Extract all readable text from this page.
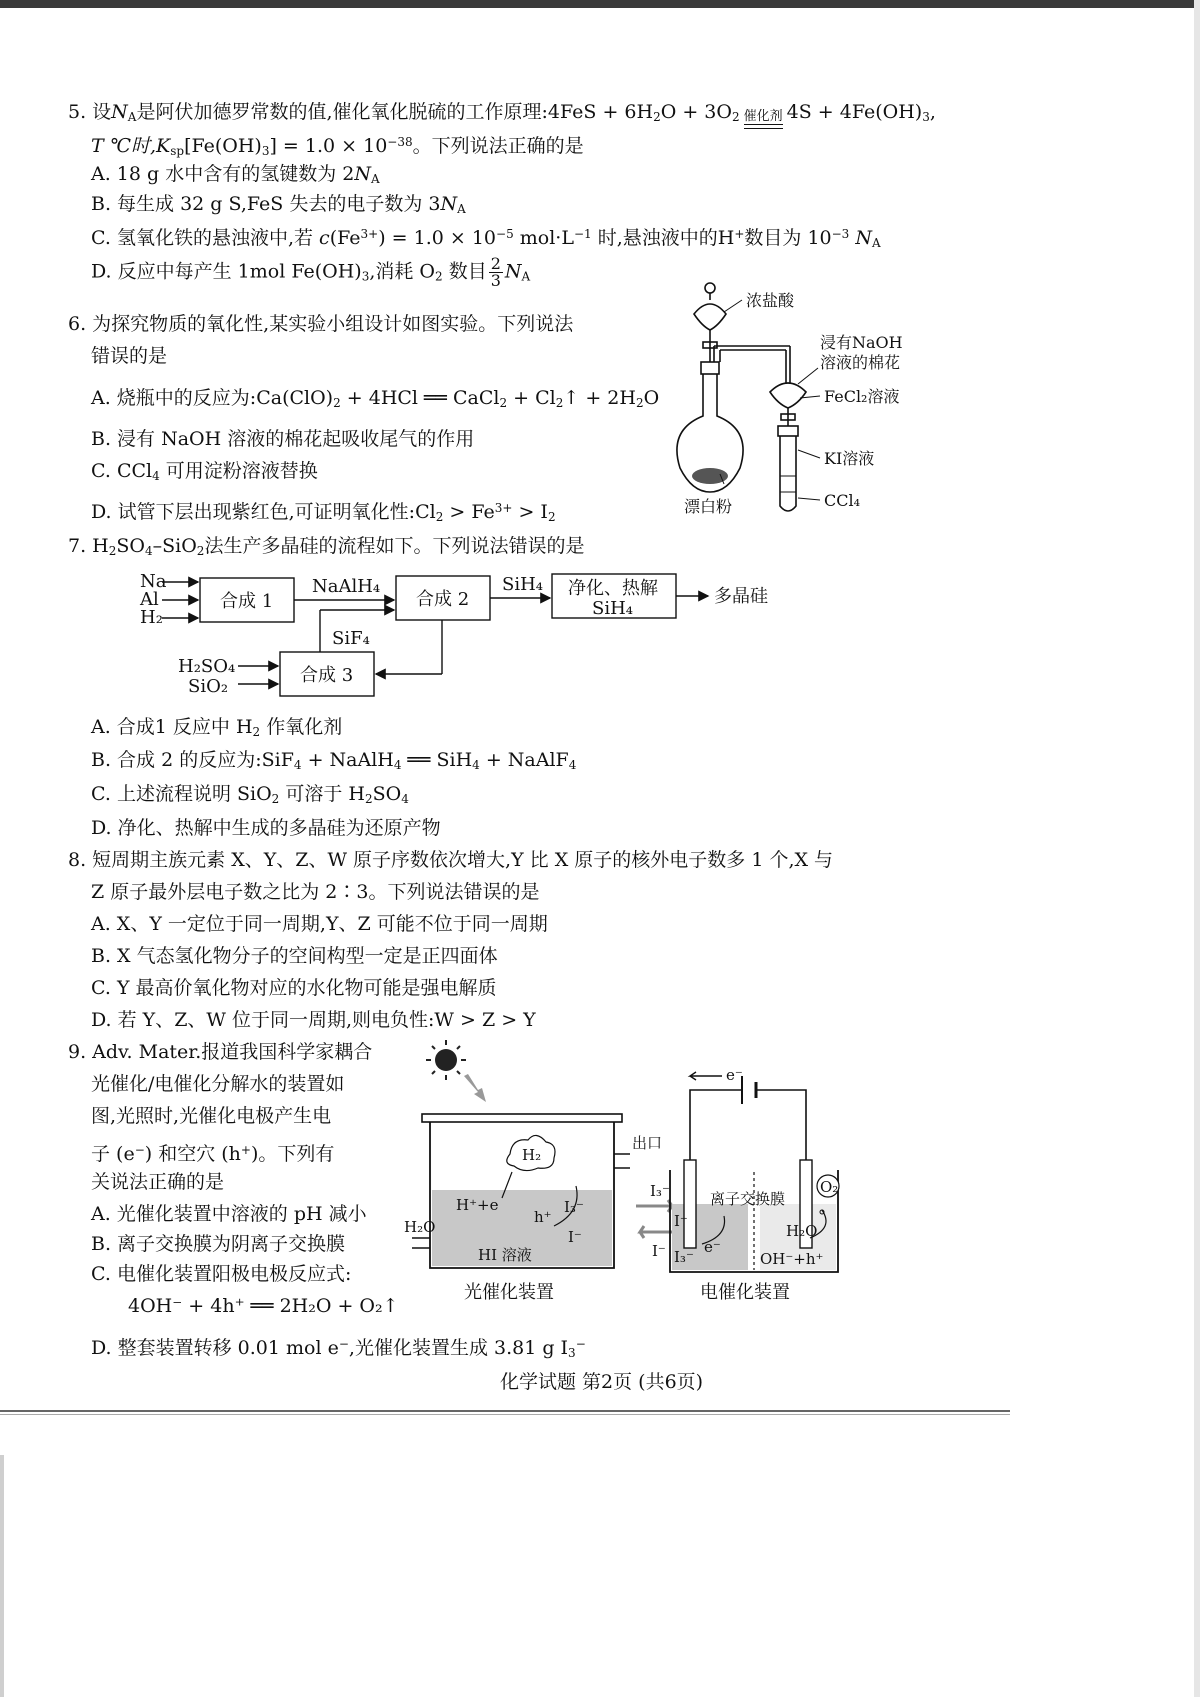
5. 设$N_A$是阿伏加德罗常数的值,催化氧化脱硫的工作原理:4FeS + $6H_2O + 3O_2$ 催化剂 $4S + 4Fe(OH)_3$,
T ℃时$,K_{sp}[Fe(OH)_3] = 1.0 \times 10^{-38}$。下列说法正确的是
A. 18 g 水中含有的氢键数为 $2N_A$
B. 每生成 32 g S,FeS 失去的电子数为 $3N_A$
C. 氢氧化铁的悬浊液中,若 $c(Fe^{3+}) = 1.0 \times 10^{-5}$ $mol\cdot L^{-1}$ 时,悬浊液中的H+数目为 $10^{-3}$ $N_A$
D. 反应中每产生 1mol $Fe(OH)_3$,消耗 $O_2$ 数目 $\frac{2}{3} N_A$
6. 为探究物质的氧化性,某实验小组设计如图实验。下列说法
错误的是
A. 烧瓶中的反应为$:Ca(ClO)_2 + 4HCl$ ══ CaCl$_2$ + $Cl_2↑ + 2H_2O$
B. 浸有 NaOH 溶液的棉花起吸收尾气的作用
C. CCl$_4$ 可用淀粉溶液替换
D. 试管下层出现紫红色,可证明氧化性$:Cl_2 > Fe^{3+} > I_2$
浓盐酸
浸有NaOH
溶液的棉花
FeCl₂溶液
KI溶液
漂白粉	CCl₄
7. $H_2SO_4-SiO_2$法生产多晶硅的流程如下。下列说法错误的是
合成 1	合成 2
合成 3
净化、热解
SiH₄
Na
Al
H₂
NaAlH₄	SiH₄
SiF₄
H₂SO₄
SiO₂
多晶硅
A. 合成1 反应中 $H_2$ 作氧化剂
B. 合成 2 的反应为:SiF$_4$ + NaAlH$_4$ ══ SiH$_4$ + NaAlF$_4$
C. 上述流程说明 SiO$_2$ 可溶于 $H_2SO_4$
D. 净化、热解中生成的多晶硅为还原产物
8. 短周期主族元素 X、Y、Z、W 原子序数依次增大,Y 比 X 原子的核外电子数多 1 个,X 与
Z 原子最外层电子数之比为 2∶3。下列说法错误的是
A. X、Y 一定位于同一周期,Y、Z 可能不位于同一周期
B. X 气态氢化物分子的空间构型一定是正四面体
C. Y 最高价氧化物对应的水化物可能是强电解质
D. 若 Y、Z、W 位于同一周期,则电负性:W > Z > Y
9. Adv. Mater.报道我国科学家耦合
光催化/电催化分解水的装置如
图,光照时,光催化电极产生电
子 (e−) 和空穴 (h+)。下列有
关说法正确的是
A. 光催化装置中溶液的 pH 减小
B. 离子交换膜为阴离子交换膜
C. 电催化装置阳极电极反应式:
4OH⁻ + 4h⁺ ══ 2H₂O + O₂↑
D. 整套装置转移 0.01 mol e−,光催化装置生成 3.81 g $I_3^-$
出口
H₂O
H₂
H⁺+e
h⁺
I₃⁻
I⁻
HI 溶液
I₃⁻
I⁻
e⁻
离子交换膜
O₂
H₂O
OH⁻+h⁺
I⁻
I₃⁻
e⁻
光催化装置	电催化装置
化学试题 第2页 (共6页)
